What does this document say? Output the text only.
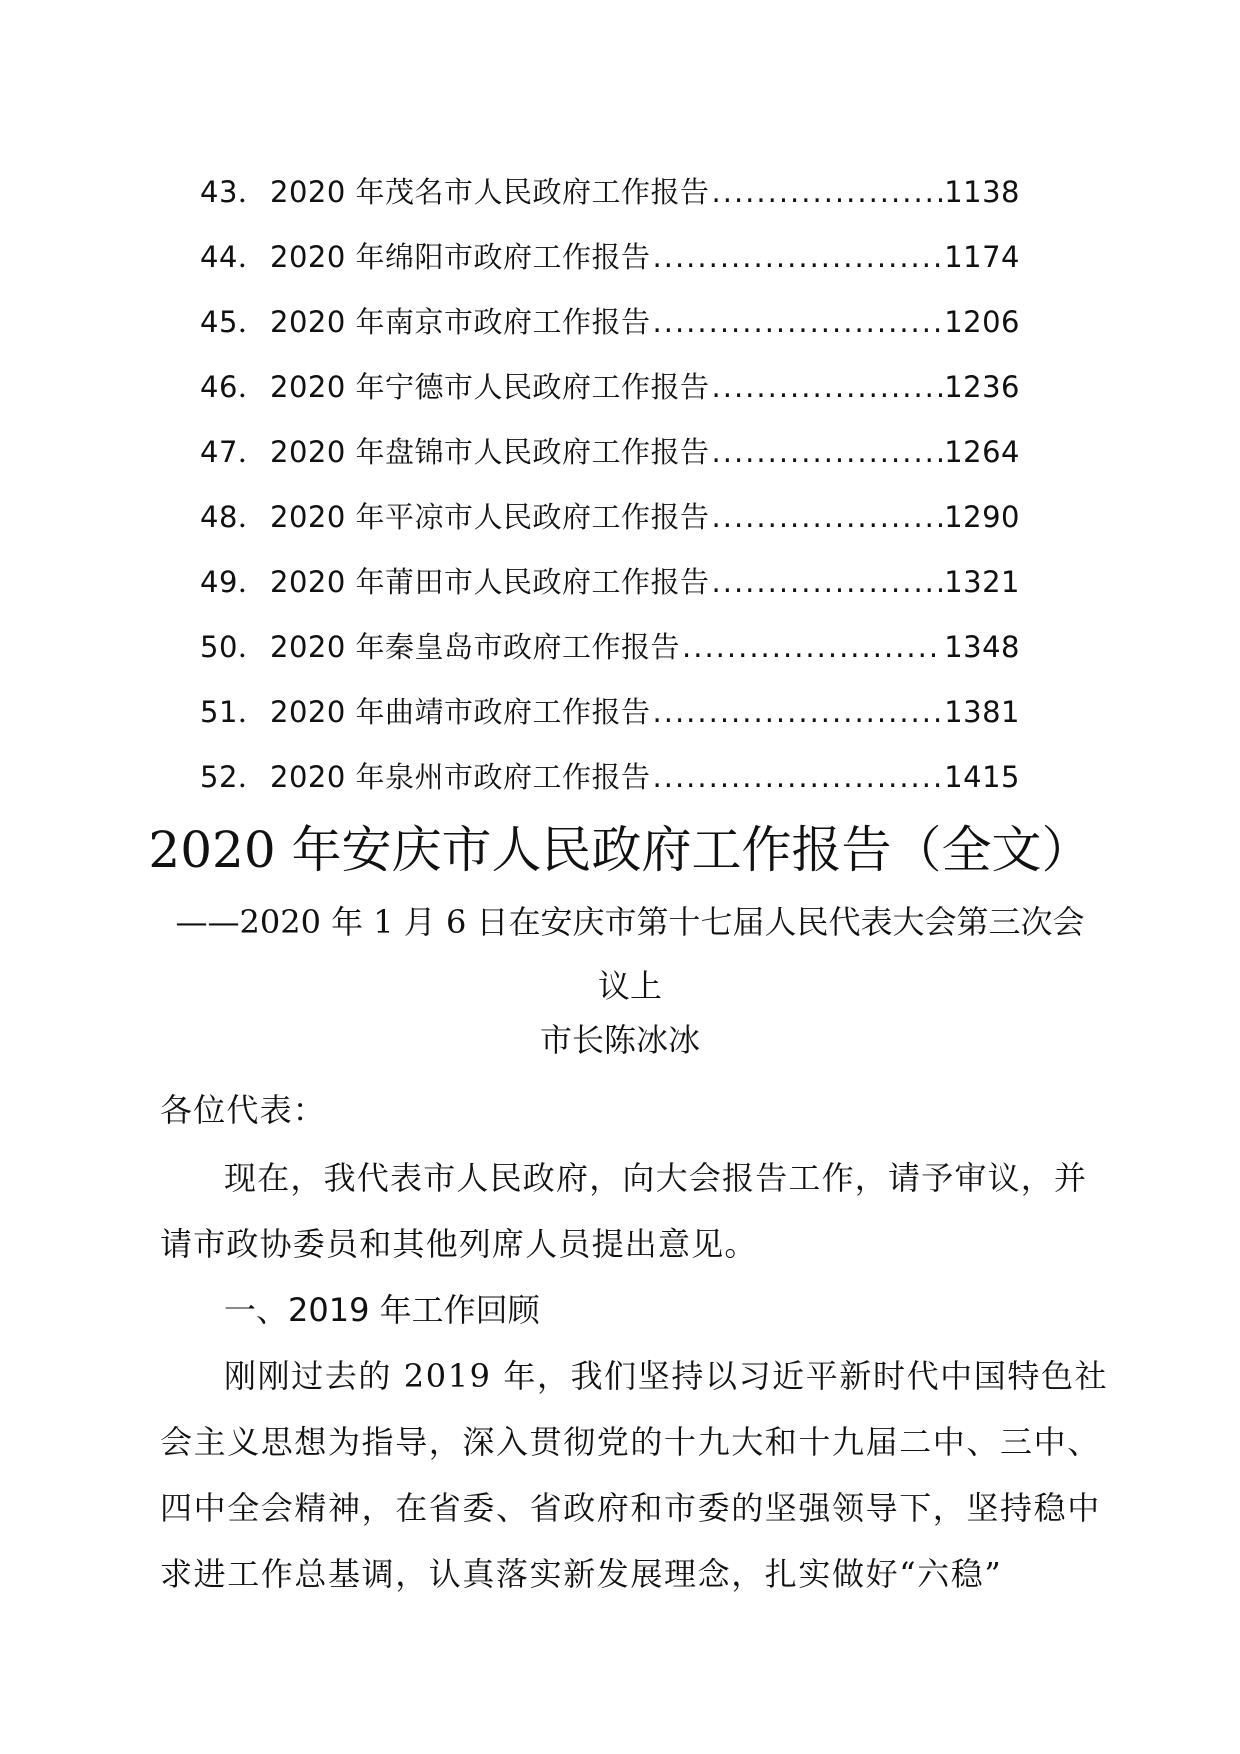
43． 2020 年茂名市人民政府工作报告 .....	1138
44． 2020 年绵阳市政府工作报告 .....	1174
45． 2020 年南京市政府工作报告 .....	1206
46． 2020 年宁德市人民政府工作报告 .....	1236
47． 2020 年盘锦市人民政府工作报告 .....	1264
48． 2020 年平凉市人民政府工作报告 .....	1290
49． 2020 年莆田市人民政府工作报告 .....	1321
50． 2020 年秦皇岛市政府工作报告 .....	1348
51． 2020 年曲靖市政府工作报告 .....	1381
52． 2020 年泉州市政府工作报告 .....	1415
2020 年安庆市人民政府工作报告（全文）
——2020 年 1 月 6 日在安庆市第十七届人民代表大会第三次会议上
市长陈冰冰
各位代表：
现在，我代表市人民政府，向大会报告工作，请予审议，并请市政协委员和其他列席人员提出意见。
一、2019 年工作回顾
刚刚过去的 2019 年，我们坚持以习近平新时代中国特色社会主义思想为指导，深入贯彻党的十九大和十九届二中、三中、四中全会精神，在省委、省政府和市委的坚强领导下，坚持稳中求进工作总基调，认真落实新发展理念，扎实做好“六稳”
